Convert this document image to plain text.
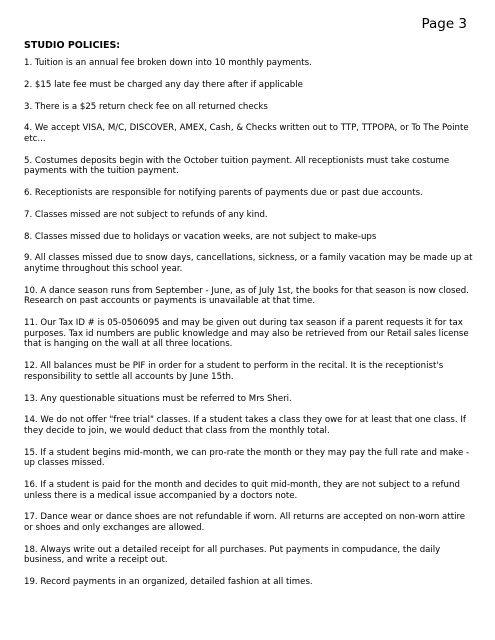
Page 3
STUDIO POLICIES:
1. Tuition is an annual fee broken down into 10 monthly payments.
2. $15 late fee must be charged any day there after if applicable
3. There is a $25 return check fee on all returned checks
4. We accept VISA, M/C, DISCOVER, AMEX, Cash, & Checks written out to TTP, TTPOPA, or To The Pointe etc...
5. Costumes deposits begin with the October tuition payment. All receptionists must take costume payments with the tuition payment.
6. Receptionists are responsible for notifying parents of payments due or past due accounts.
7. Classes missed are not subject to refunds of any kind.
8. Classes missed due to holidays or vacation weeks, are not subject to make-ups
9. All classes missed due to snow days, cancellations, sickness, or a family vacation may be made up at anytime throughout this school year.
10. A dance season runs from September - June, as of July 1st, the books for that season is now closed. Research on past accounts or payments is unavailable at that time.
11. Our Tax ID # is 05-0506095 and may be given out during tax season if a parent requests it for tax purposes. Tax id numbers are public knowledge and may also be retrieved from our Retail sales license that is hanging on the wall at all three locations.
12. All balances must be PIF in order for a student to perform in the recital. It is the receptionist's responsibility to settle all accounts by June 15th.
13. Any questionable situations must be referred to Mrs Sheri.
14. We do not offer "free trial" classes. If a student takes a class they owe for at least that one class. If they decide to join, we would deduct that class from the monthly total.
15. If a student begins mid-month, we can pro-rate the month or they may pay the full rate and make -up classes missed.
16. If a student is paid for the month and decides to quit mid-month, they are not subject to a refund unless there is a medical issue accompanied by a doctors note.
17. Dance wear or dance shoes are not refundable if worn. All returns are accepted on non-worn attire or shoes and only exchanges are allowed.
18. Always write out a detailed receipt for all purchases. Put payments in compudance, the daily business, and write a receipt out.
19. Record payments in an organized, detailed fashion at all times.
